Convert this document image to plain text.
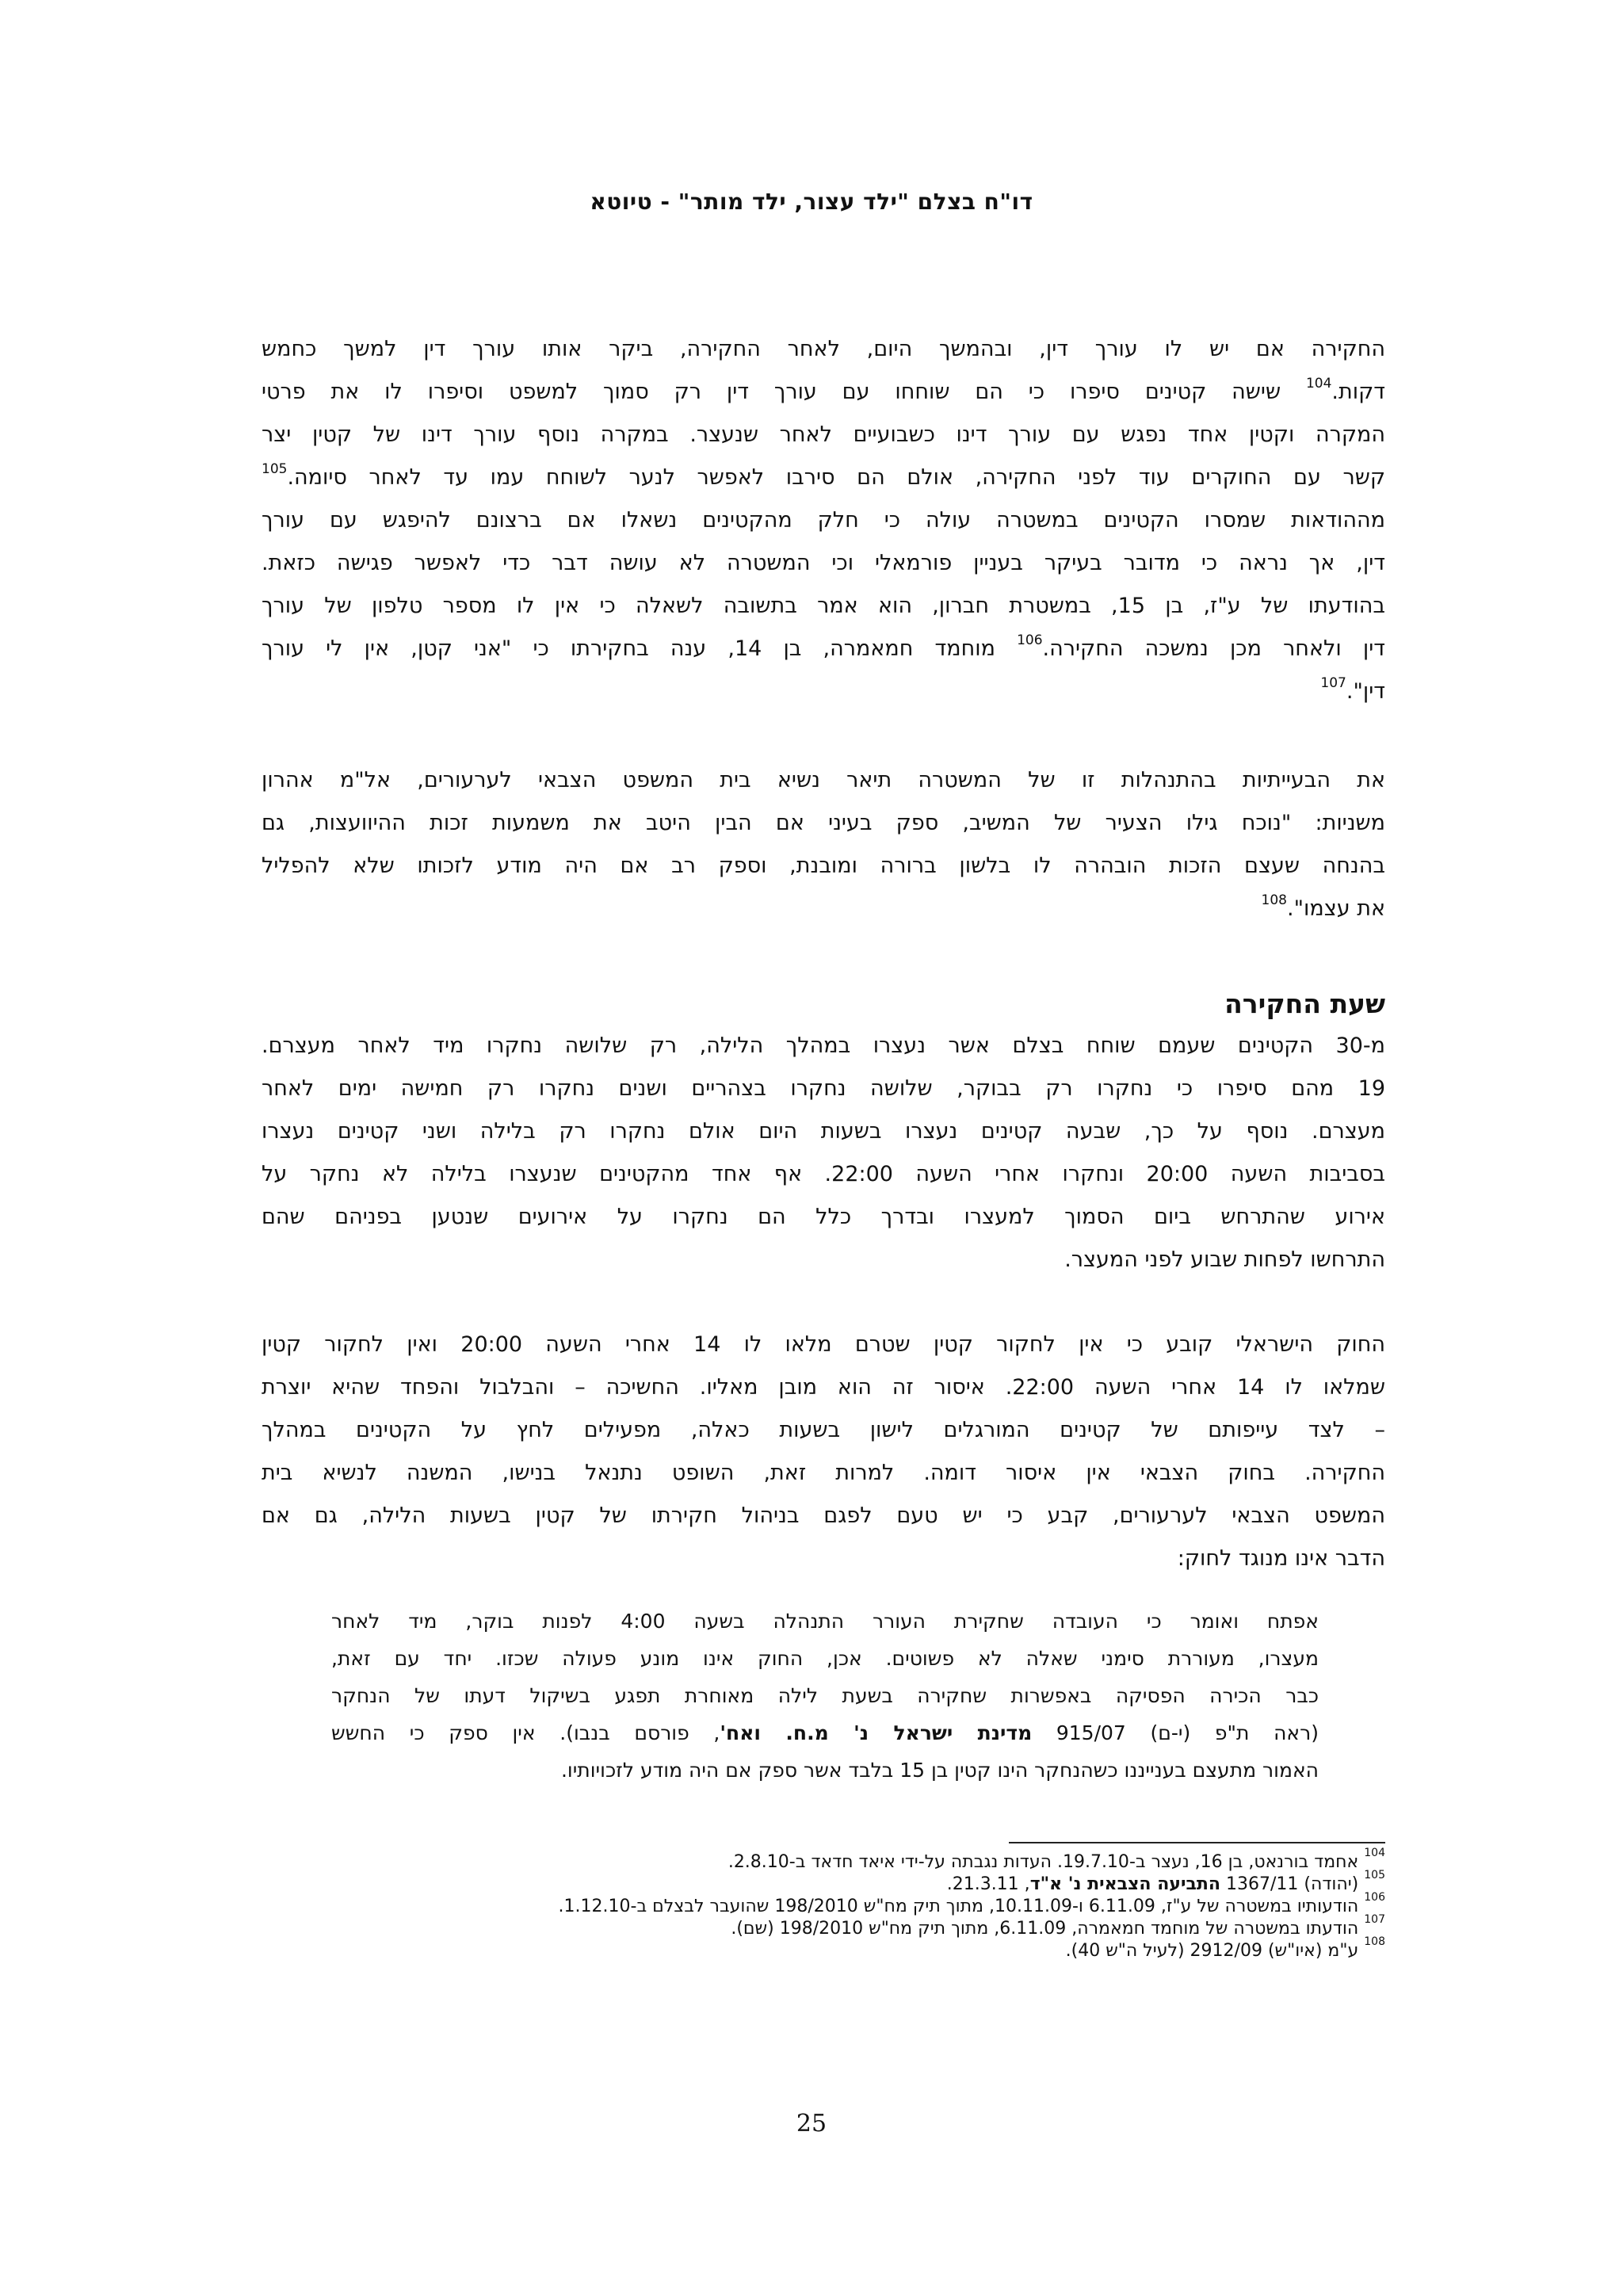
דו"ח בצלם "ילד עצור, ילד מותר" - טיוטא
החקירה אם יש לו עורך דין, ובהמשך היום, לאחר החקירה, ביקר אותו עורך דין למשך כחמש
דקות.$^{104}$ שישה קטינים סיפרו כי הם שוחחו עם עורך דין רק סמוך למשפט וסיפרו לו את פרטי
המקרה וקטין אחד נפגש עם עורך דינו כשבועיים לאחר שנעצר. במקרה נוסף עורך דינו של קטין יצר
קשר עם החוקרים עוד לפני החקירה, אולם הם סירבו לאפשר לנער לשוחח עמו עד לאחר סיומה.$^{105}$
מההודאות שמסרו הקטינים במשטרה עולה כי חלק מהקטינים נשאלו אם ברצונם להיפגש עם עורך
דין, אך נראה כי מדובר בעיקר בעניין פורמאלי וכי המשטרה לא עושה דבר כדי לאפשר פגישה כזאת.
בהודעתו של ע"ז, בן 15, במשטרת חברון, הוא אמר בתשובה לשאלה כי אין לו מספר טלפון של עורך
דין ולאחר מכן נמשכה החקירה.$^{106}$ מוחמד חמאמרה, בן 14, ענה בחקירתו כי "אני קטן, אין לי עורך
דין".$^{107}$
את הבעייתיות בהתנהלות זו של המשטרה תיאר נשיא בית המשפט הצבאי לערעורים, אל"מ אהרון
משניות: "נוכח גילו הצעיר של המשיב, ספק בעיני אם הבין היטב את משמעות זכות ההיוועצות, גם
בהנחה שעצם הזכות הובהרה לו בלשון ברורה ומובנת, וספק רב אם היה מודע לזכותו שלא להפליל
את עצמו".$^{108}$
שעת החקירה
מ-30 הקטינים שעמם שוחח בצלם אשר נעצרו במהלך הלילה, רק שלושה נחקרו מיד לאחר מעצרם.
19 מהם סיפרו כי נחקרו רק בבוקר, שלושה נחקרו בצהריים ושנים נחקרו רק חמישה ימים לאחר
מעצרם. נוסף על כך, שבעה קטינים נעצרו בשעות היום אולם נחקרו רק בלילה ושני קטינים נעצרו
בסביבות השעה 20:00 ונחקרו אחרי השעה 22:00. אף אחד מהקטינים שנעצרו בלילה לא נחקר על
אירוע שהתרחש ביום הסמוך למעצרו ובדרך כלל הם נחקרו על אירועים שנטען בפניהם שהם
התרחשו לפחות שבוע לפני המעצר.
החוק הישראלי קובע כי אין לחקור קטין שטרם מלאו לו 14 אחרי השעה 20:00 ואין לחקור קטין
שמלאו לו 14 אחרי השעה 22:00. איסור זה הוא מובן מאליו. החשיכה – והבלבול והפחד שהיא יוצרת
– לצד עייפותם של קטינים המורגלים לישון בשעות כאלה, מפעילים לחץ על הקטינים במהלך
החקירה. בחוק הצבאי אין איסור דומה. למרות זאת, השופט נתנאל בנישו, המשנה לנשיא בית
המשפט הצבאי לערעורים, קבע כי יש טעם לפגם בניהול חקירתו של קטין בשעות הלילה, גם אם
הדבר אינו מנוגד לחוק:
אפתח ואומר כי העובדה שחקירת העורר התנהלה בשעה 4:00 לפנות בוקר, מיד לאחר
מעצרו, מעוררת סימני שאלה לא פשוטים. אכן, החוק אינו מונע פעולה שכזו. יחד עם זאת,
כבר הכירה הפסיקה באפשרות שחקירה בשעת לילה מאוחרת תפגע בשיקול דעתו של הנחקר
(ראה ת"פ (י-ם) 915/07 מדינת ישראל נ' מ.ח. ואח', פורסם בנבו). אין ספק כי החשש
האמור מתעצם בענייננו כשהנחקר הינו קטין בן 15 בלבד אשר ספק אם היה מודע לזכויותיו.
$^{104}$ אחמד בורנאט, בן 16, נעצר ב-19.7.10. העדות נגבתה על-ידי איאד חדאד ב-2.8.10.
$^{105}$ (יהודה) 1367/11 התביעה הצבאית נ' א"ד, 21.3.11.
$^{106}$ הודעותיו במשטרה של ע"ז, 6.11.09 ו-10.11.09, מתוך תיק מח"ש 198/2010 שהועבר לבצלם ב-1.12.10.
$^{107}$ הודעתו במשטרה של מוחמד חמאמרה, 6.11.09, מתוך תיק מח"ש 198/2010 (שם).
$^{108}$ ע"מ (איו"ש) 2912/09 (לעיל ה"ש 40).
25
